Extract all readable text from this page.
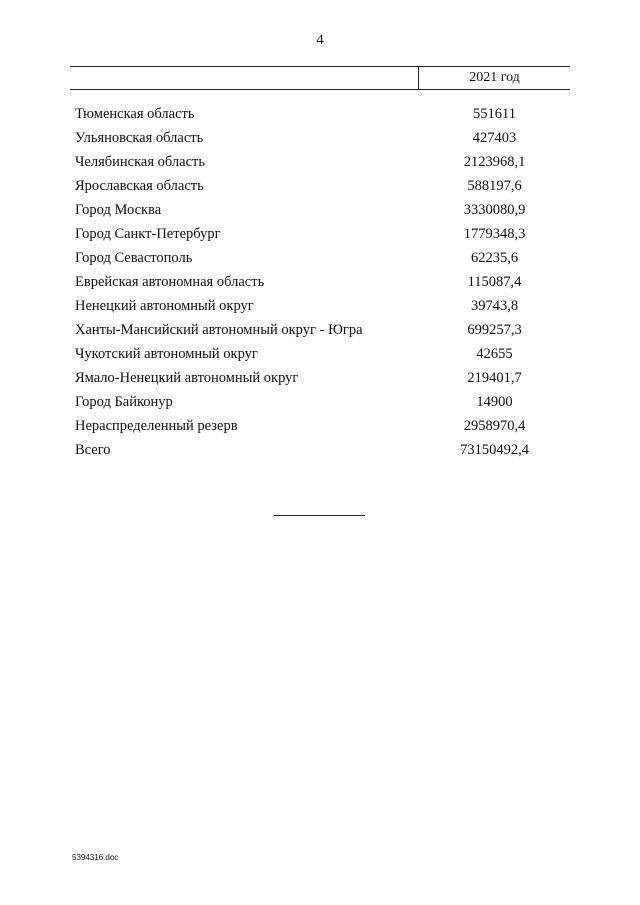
4
2021 год
Тюменская область	551611
Ульяновская область	427403
Челябинская область	2123968,1
Ярославская область	588197,6
Город Москва	3330080,9
Город Санкт-Петербург	1779348,3
Город Севастополь	62235,6
Еврейская автономная область	115087,4
Ненецкий автономный округ	39743,8
Ханты-Мансийский автономный округ - Югра	699257,3
Чукотский автономный округ	42655
Ямало-Ненецкий автономный округ	219401,7
Город Байконур	14900
Нераспределенный резерв	2958970,4
Всего	73150492,4
5394316.doc
